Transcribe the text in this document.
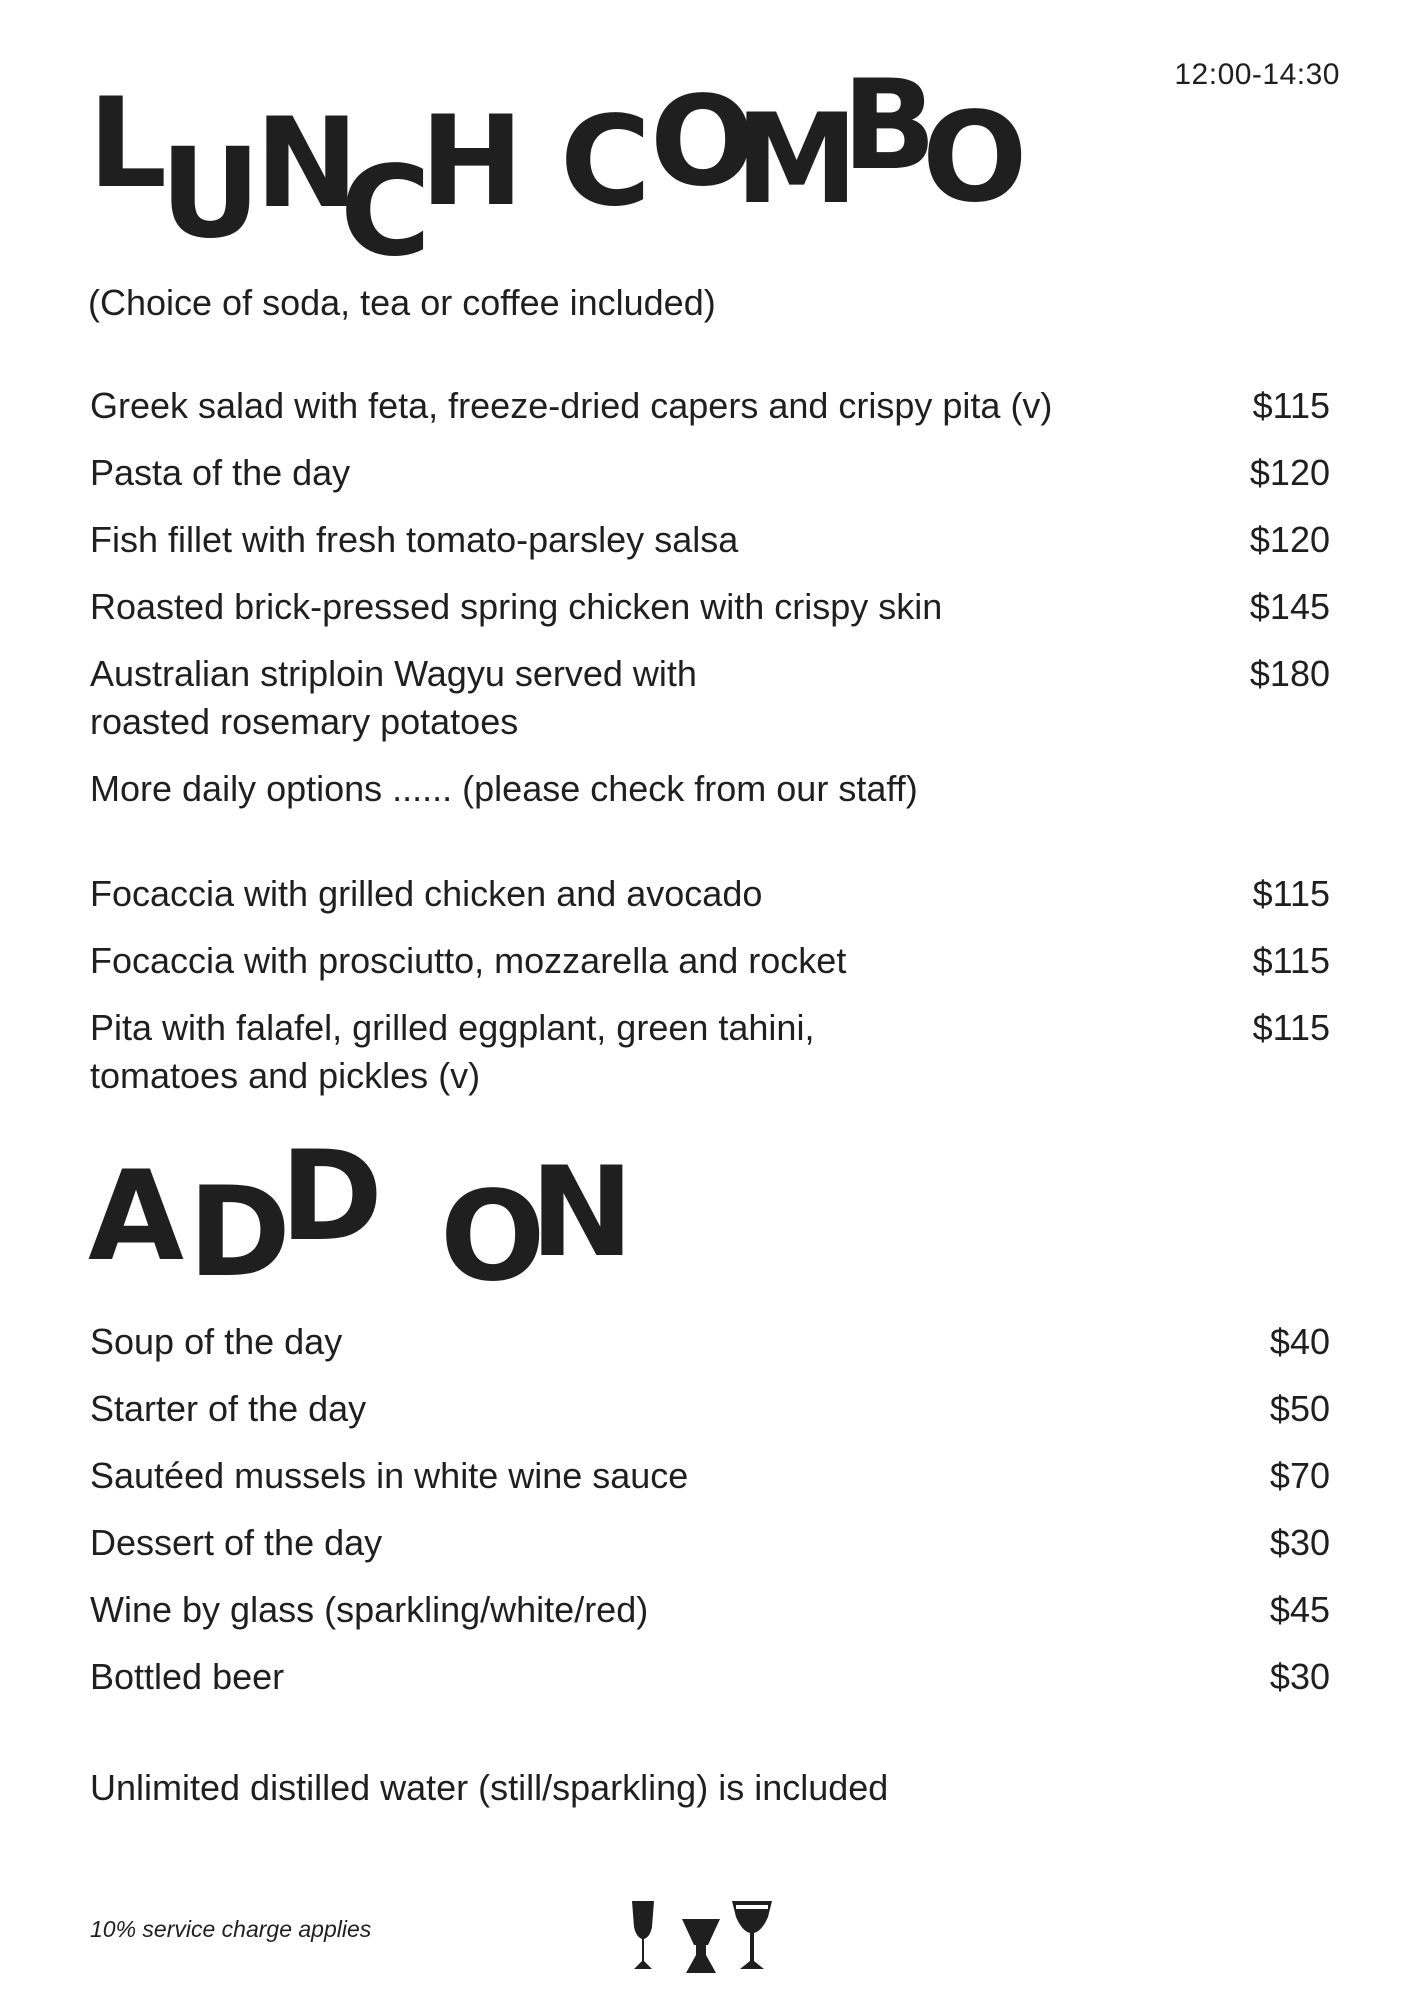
12:00-14:30
L
U
N
C
H C
O
M
B
O
(Choice of soda, tea or coffee included)
Greek salad with feta, freeze-dried capers and crispy pita (v)	$115
Pasta of the day	$120
Fish fillet with fresh tomato-parsley salsa	$120
Roasted brick-pressed spring chicken with crispy skin	$145
Australian striploin Wagyu served with
roasted rosemary potatoes
$180
More daily options ...... (please check from our staff)
Focaccia with grilled chicken and avocado	$115
Focaccia with prosciutto, mozzarella and rocket	$115
Pita with falafel, grilled eggplant, green tahini,
tomatoes and pickles (v)
$115
A D
D O
N
Soup of the day	$40
Starter of the day	$50
Sautéed mussels in white wine sauce	$70
Dessert of the day	$30
Wine by glass (sparkling/white/red)	$45
Bottled beer	$30
Unlimited distilled water (still/sparkling) is included
10% service charge applies
